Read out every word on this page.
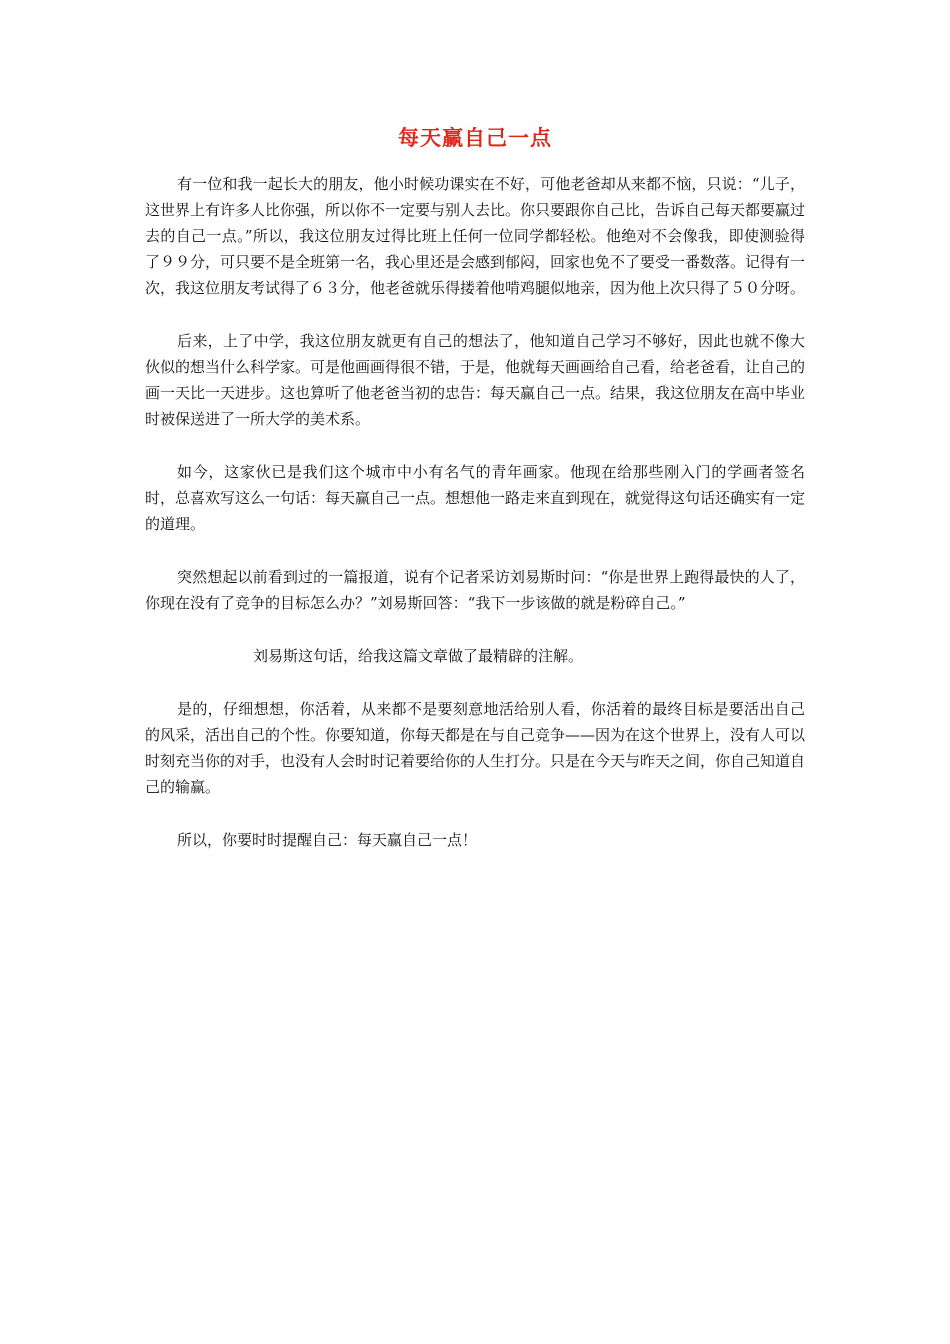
每天赢自己一点

有一位和我一起长大的朋友，他小时候功课实在不好，可他老爸却从来都不恼，只说：“儿子，这世界上有许多人比你强，所以你不一定要与别人去比。你只要跟你自己比，告诉自己每天都要赢过去的自己一点。”所以，我这位朋友过得比班上任何一位同学都轻松。他绝对不会像我，即使测验得了９９分，可只要不是全班第一名，我心里还是会感到郁闷，回家也免不了要受一番数落。记得有一次，我这位朋友考试得了６３分，他老爸就乐得搂着他啃鸡腿似地亲，因为他上次只得了５０分呀。

后来，上了中学，我这位朋友就更有自己的想法了，他知道自己学习不够好，因此也就不像大伙似的想当什么科学家。可是他画画得很不错，于是，他就每天画画给自己看，给老爸看，让自己的画一天比一天进步。这也算听了他老爸当初的忠告：每天赢自己一点。结果，我这位朋友在高中毕业时被保送进了一所大学的美术系。

如今，这家伙已是我们这个城市中小有名气的青年画家。他现在给那些刚入门的学画者签名时，总喜欢写这么一句话：每天赢自己一点。想想他一路走来直到现在，就觉得这句话还确实有一定的道理。

突然想起以前看到过的一篇报道，说有个记者采访刘易斯时问：“你是世界上跑得最快的人了，你现在没有了竞争的目标怎么办？”刘易斯回答：“我下一步该做的就是粉碎自己。”

刘易斯这句话，给我这篇文章做了最精辟的注解。

是的，仔细想想，你活着，从来都不是要刻意地活给别人看，你活着的最终目标是要活出自己的风采，活出自己的个性。你要知道，你每天都是在与自己竞争——因为在这个世界上，没有人可以时刻充当你的对手，也没有人会时时记着要给你的人生打分。只是在今天与昨天之间，你自己知道自己的输赢。

所以，你要时时提醒自己：每天赢自己一点！
